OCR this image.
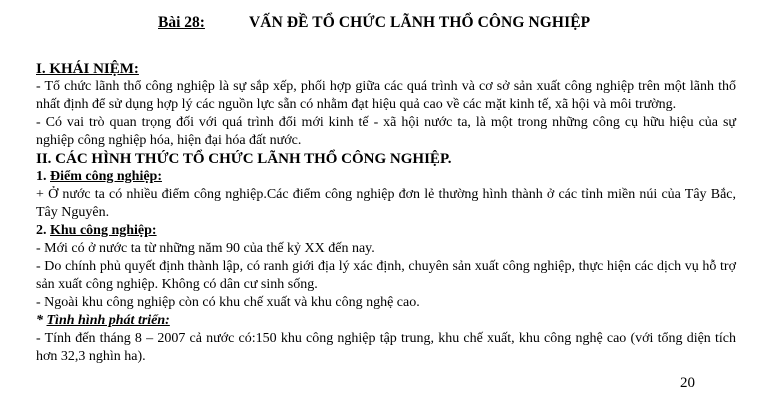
Bài 28:	VẤN ĐỀ TỔ CHỨC LÃNH THỔ CÔNG NGHIỆP
I. KHÁI NIỆM:

- Tổ chức lãnh thổ công nghiệp là sự sắp xếp, phối hợp giữa các quá trình và cơ sở sản xuất công nghiệp trên một lãnh thổ nhất định để sử dụng hợp lý các nguồn lực sẵn có nhằm đạt hiệu quả cao về các mặt kinh tế, xã hội và môi trường.

- Có vai trò quan trọng đối với quá trình đổi mới kinh tế - xã hội nước ta, là một trong những công cụ hữu hiệu của sự nghiệp công nghiệp hóa, hiện đại hóa đất nước.

II. CÁC HÌNH THỨC TỔ CHỨC LÃNH THỔ CÔNG NGHIỆP.
1. Điểm công nghiệp:

+ Ở nước ta có nhiều điểm công nghiệp.Các điểm công nghiệp đơn lẻ thường hình thành ở các tỉnh miền núi của Tây Bắc, Tây Nguyên.

2. Khu công nghiệp:

- Mới có ở nước ta từ những năm 90 của thế kỷ XX đến nay.

- Do chính phủ quyết định thành lập, có ranh giới địa lý xác định, chuyên sản xuất công nghiệp, thực hiện các dịch vụ hỗ trợ sản xuất công nghiệp. Không có dân cư sinh sống.

- Ngoài khu công nghiệp còn có khu chế xuất và khu công nghệ cao.

* Tình hình phát triển:

- Tính đến tháng 8 – 2007 cả nước có:150 khu công nghiệp tập trung, khu chế xuất, khu công nghệ cao (với tổng diện tích hơn 32,3 nghìn ha).

20
